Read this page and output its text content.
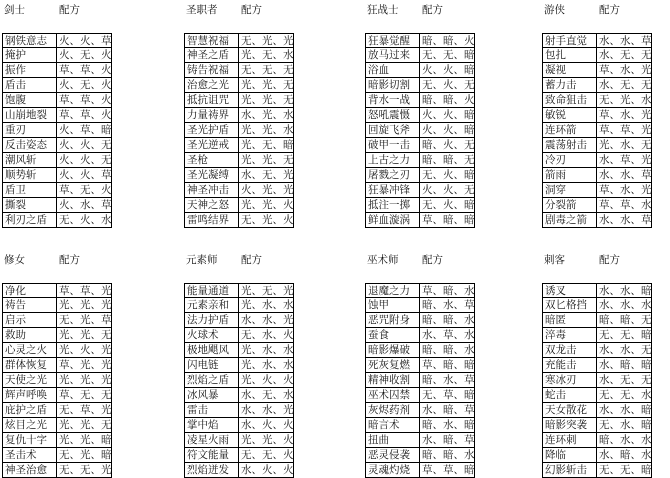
剑士	配方
钢铁意志	火、火、草
掩护	火、无、火
振作	草、草、火
盾击	火、无、火
饱腹	草、草、火
山崩地裂	草、草、火
重刃	火、草、暗
反击姿态	火、火、无
潮风斩	火、火、无
顺势斩	火、火、草
盾卫	草、无、火
撕裂	火、水、草
利刃之盾	无、火、水
圣职者	配方
智慧祝福	无、光、光
神圣之盾	光、无、水
铸告祝福	无、无、无
治愈之光	光、光、无
抵抗诅咒	光、光、无
力量祷界	水、光、水
圣光护盾	光、光、水
圣光逆戒	光、无、暗
圣枪	光、光、无
圣光凝缚	水、无、光
神圣冲击	火、光、光
天神之怒	光、光、火
雷鸣结界	无、光、火
狂战士	配方
狂暴觉醒	暗、暗、火
放马过来	无、无、暗
浴血	火、火、暗
暗影切割	无、火、无
背水一战	暗、暗、火
怒吼震慑	火、火、暗
回旋飞斧	火、火、暗
破甲一击	暗、火、无
上古之力	暗、暗、无
屠戮之刃	无、火、暗
狂暴冲锋	火、火、无
抵注一掷	无、火、暗
鲜血漩涡	草、暗、暗
游侠	配方
射手直觉	水、水、草
包扎	水、无、无
凝视	草、水、光
蓄力击	水、无、无
致命狙击	无、光、水
敏锐	草、水、光
连环箭	草、草、光
震荡射击	光、水、无
冷刃	水、草、光
箭雨	水、水、草
洞穿	草、水、光
分裂箭	草、草、水
剧毒之箭	水、水、草
修女	配方
净化	草、草、光
祷告	光、光、光
启示	无、光、草
救助	光、光、无
心灵之火	光、火、光
群体恢复	草、光、光
天使之光	光、光、光
辉声呼唤	草、无、无
庇护之盾	无、草、光
炫目之光	光、光、无
复仇十字	光、光、暗
圣击术	无、光、暗
神圣治愈	无、无、光
元素师	配方
能量通道	光、无、光
元素亲和	光、水、水
法力护盾	水、水、光
火球术	无、水、火
极地飓风	光、水、水
闪电链	光、水、水
烈焰之盾	光、火、火
冰风暴	水、无、水
雷击	水、水、光
掌中焰	水、火、火
凌星火雨	光、光、火
符文能量	无、无、火
烈焰迸发	水、火、火
巫术师	配方
退魔之力	草、暗、水
蚀甲	暗、水、草
恶咒附身	暗、暗、水
蚕食	水、草、水
暗影爆破	暗、暗、水
死灰复燃	草、暗、暗
精神收割	暗、水、草
巫术囚禁	无、草、暗
灰烬药剂	水、暗、草
暗言术	暗、水、暗
扭曲	水、暗、草
恶灵侵袭	暗、暗、水
灵魂灼烧	草、草、暗
刺客	配方
诱叉	水、水、暗
双匕格挡	水、水、水
暗匿	暗、暗、无
淬毒	无、无、暗
双龙击	水、水、无
充能击	水、暗、暗
寒冰刃	水、无、无
蛇击	无、无、水
天女散花	水、水、暗
暗影突袭	无、水、暗
连环刺	暗、水、水
降临	水、暗、水
幻影斩击	无、无、暗
